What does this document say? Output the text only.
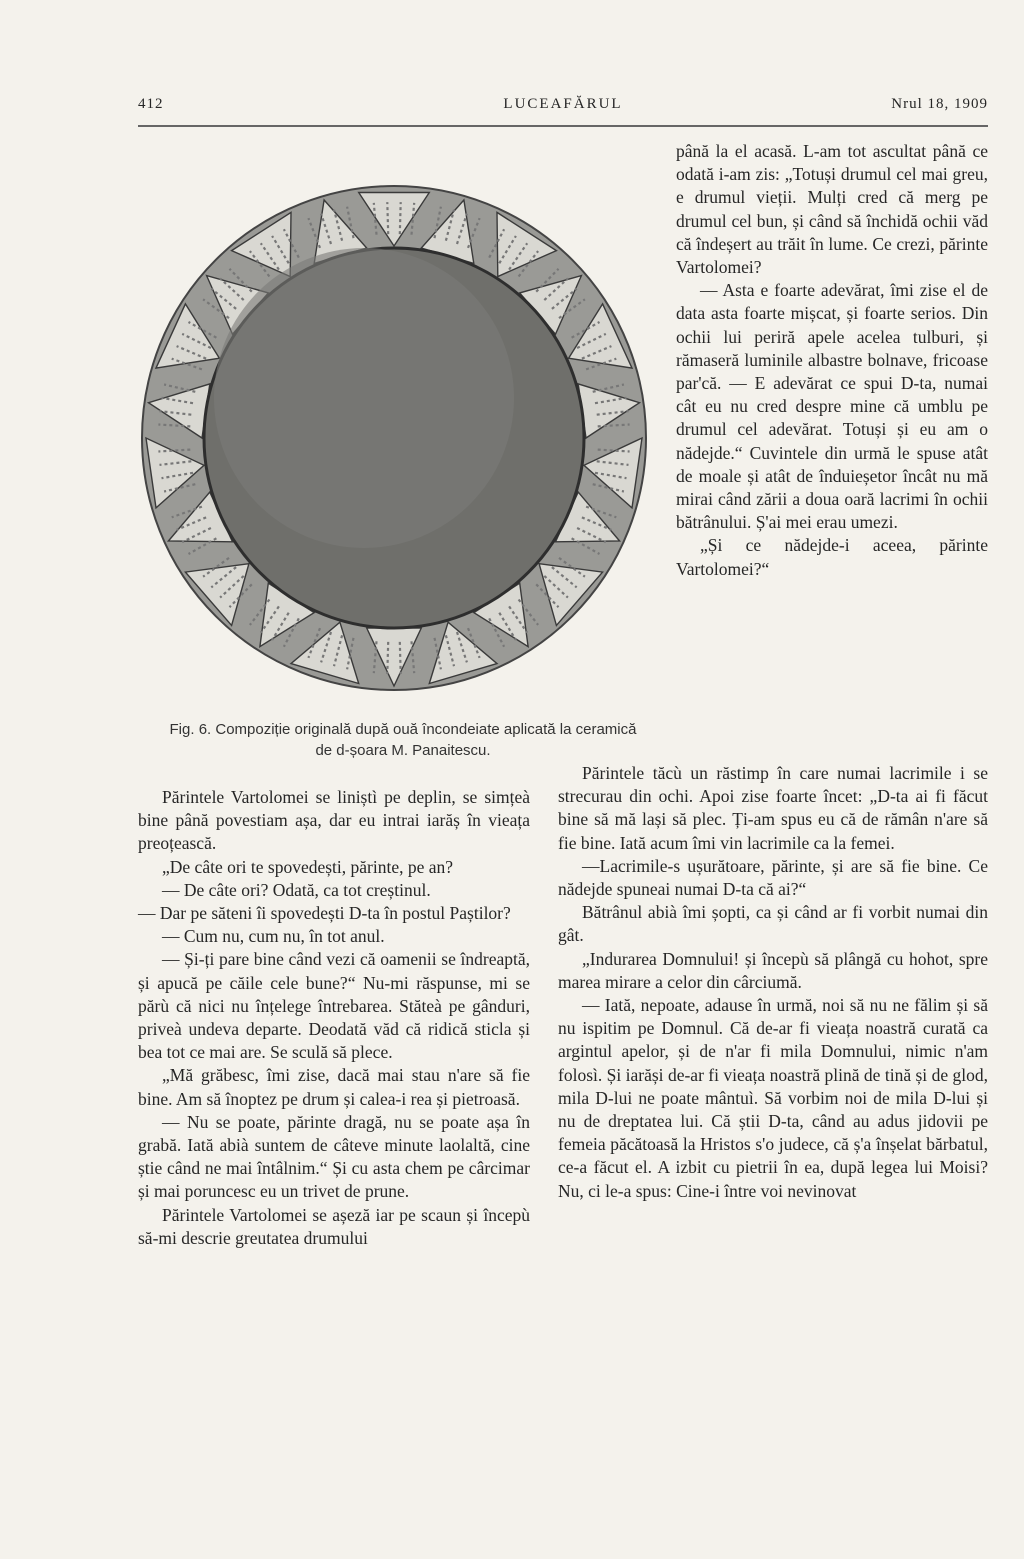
412	LUCEAFĂRUL	Nrul 18, 1909
Fig. 6. Compoziție originală după ouă încondeiate aplicată la ceramică
de d-șoara M. Panaitescu.

până la el acasă. L-am tot ascultat până ce odată i-am zis: „Totuși drumul cel mai greu, e drumul vieții. Mulți cred că merg pe drumul cel bun, și când să închidă ochii văd că îndeșert au trăit în lume. Ce crezi, părinte Vartolomei?

— Asta e foarte adevărat, îmi zise el de data asta foarte mișcat, și foarte serios. Din ochii lui periră apele acelea tulburi, și rămaseră luminile albastre bolnave, fricoase par'că. — E adevărat ce spui D-ta, numai cât eu nu cred despre mine că umblu pe drumul cel adevărat. Totuși și eu am o nădejde.“ Cuvintele din urmă le spuse atât de moale și atât de înduieșetor încât nu mă mirai când zării a doua oară lacrimi în ochii bătrânului. Ș'ai mei erau umezi.

„Și ce nădejde-i aceea, părinte Vartolomei?“

Părintele tăcù un răstimp în care numai lacrimile i se strecurau din ochi. Apoi zise foarte încet: „D-ta ai fi făcut bine să mă lași să plec. Ți-am spus eu că de rămân n'are să fie bine. Iată acum îmi vin lacrimile ca la femei.

—Lacrimile-s ușurătoare, părinte, și are să fie bine. Ce nădejde spuneai numai D-ta că ai?“

Bătrânul abià îmi șopti, ca și când ar fi vorbit numai din gât.

„Indurarea Domnului! și începù să plângă cu hohot, spre marea mirare a celor din cârciumă.

— Iată, nepoate, adause în urmă, noi să nu ne fălim și să nu ispitim pe Domnul. Că de-ar fi vieața noastră curată ca argintul apelor, și de n'ar fi mila Domnului, nimic n'am folosì. Și iarăși de-ar fi vieața noastră plină de tină și de glod, mila D-lui ne poate mântuì. Să vorbim noi de mila D-lui și nu de dreptatea lui. Că știi D-ta, când au adus jidovii pe femeia păcătoasă la Hristos s'o judece, că ș'a înșelat bărbatul, ce-a făcut el. A izbit cu pietrii în ea, după legea lui Moisi? Nu, ci le-a spus: Cine-i între voi nevinovat

Părintele Vartolomei se liniștì pe deplin, se simțeà bine până povestiam așa, dar eu intrai iarăș în vieața preoțească.

„De câte ori te spovedești, părinte, pe an?

— De câte ori? Odată, ca tot creștinul.

— Dar pe săteni îi spovedești D-ta în postul Paștilor?

— Cum nu, cum nu, în tot anul.

— Și-ți pare bine când vezi că oamenii se îndreaptă, și apucă pe căile cele bune?“ Nu-mi răspunse, mi se părù că nici nu înțelege întrebarea. Stăteà pe gânduri, priveà undeva departe. Deodată văd că ridică sticla și bea tot ce mai are. Se sculă să plece.

„Mă grăbesc, îmi zise, dacă mai stau n'are să fie bine. Am să înoptez pe drum și calea-i rea și pietroasă.

— Nu se poate, părinte dragă, nu se poate așa în grabă. Iată abià suntem de câteve minute laolaltă, cine știe când ne mai întâlnim.“ Și cu asta chem pe cârcimar și mai poruncesc eu un trivet de prune.

Părintele Vartolomei se așeză iar pe scaun și începù să-mi descrie greutatea drumului
